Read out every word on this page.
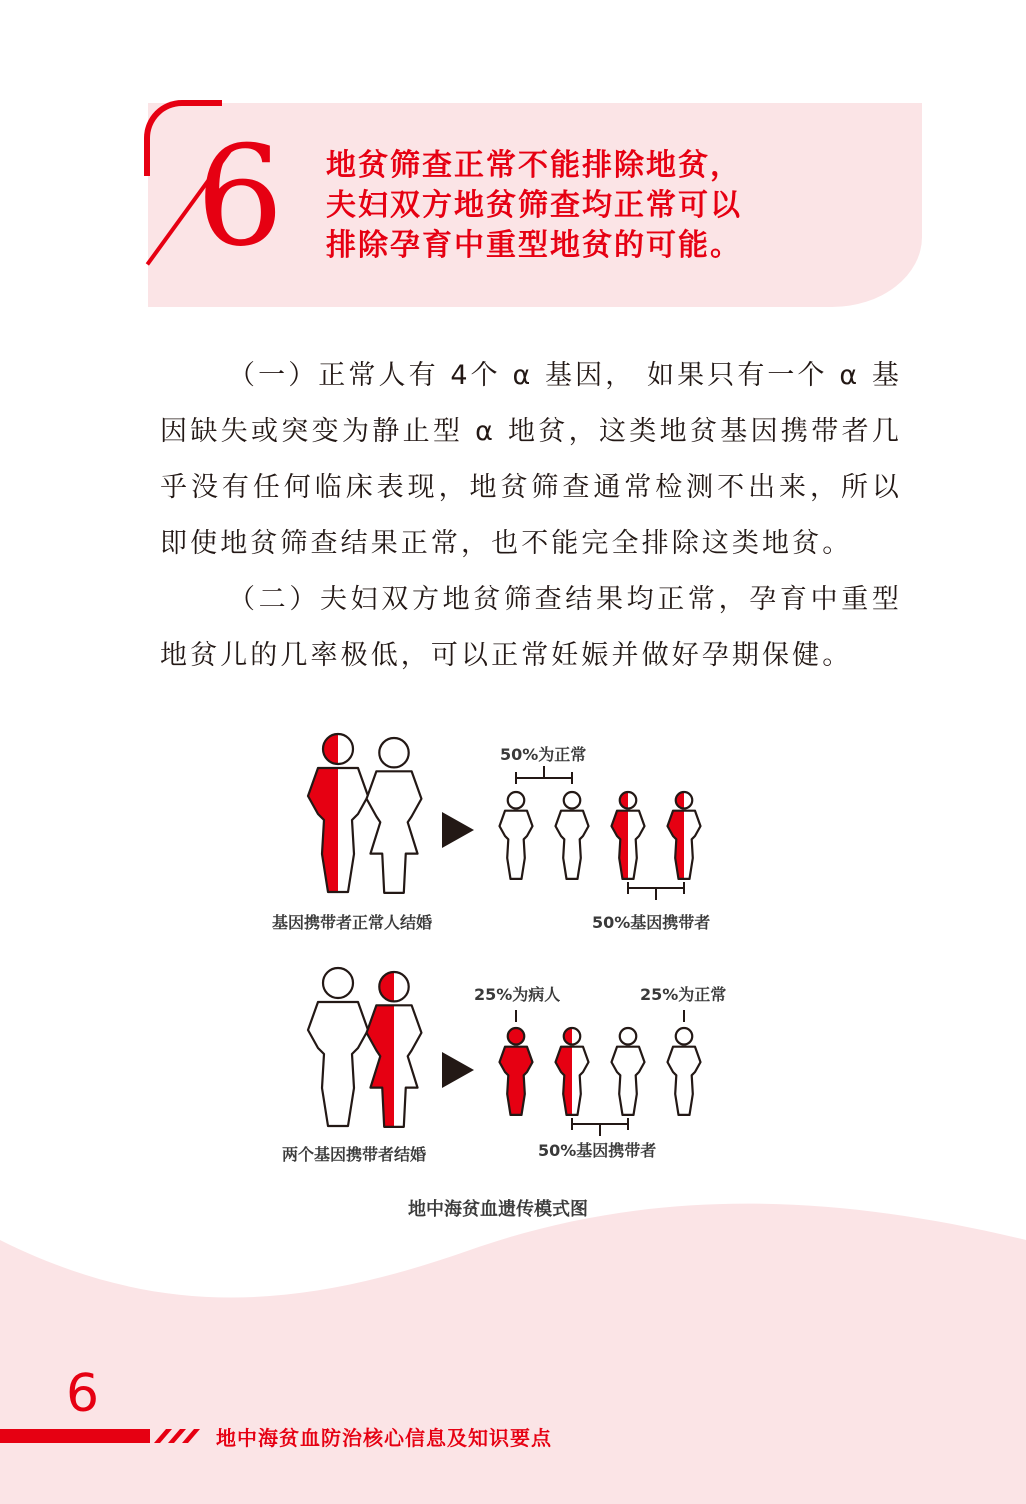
6 地贫筛查正常不能排除地贫，
夫妇双方地贫筛查均正常可以
排除孕育中重型地贫的可能。

（一）正常人有 4个 α 基因， 如果只有一个 α 基因缺失或突变为静止型 α 地贫，这类地贫基因携带者几乎没有任何临床表现，地贫筛查通常检测不出来，所以即使地贫筛查结果正常，也不能完全排除这类地贫。

（二）夫妇双方地贫筛查结果均正常，孕育中重型地贫儿的几率极低，可以正常妊娠并做好孕期保健。

50%为正常
基因携带者正常人结婚	50%基因携带者
25%为病人	25%为正常
两个基因携带者结婚	50%基因携带者
地中海贫血遗传模式图
6
地中海贫血防治核心信息及知识要点
